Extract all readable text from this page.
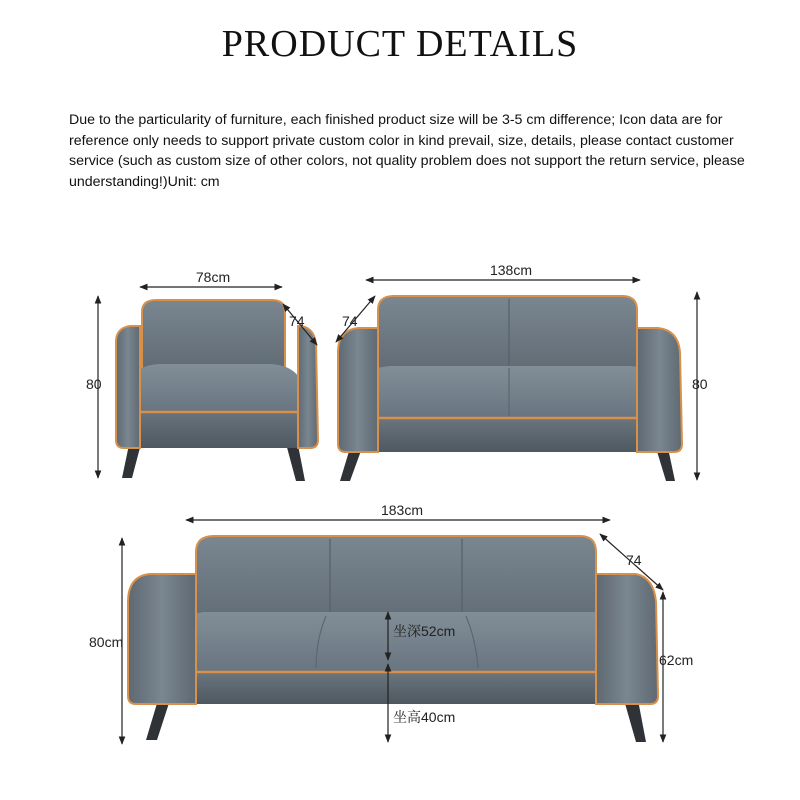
PRODUCT DETAILS
Due to the particularity of furniture, each finished product size will be 3-5 cm difference; Icon data are for reference only needs to support private custom color in kind prevail, size, details, please contact customer service (such as custom size of other colors, not quality problem does not support the return service, please understanding!)Unit: cm
78cm
74
80
138cm
74
80
183cm
74
80cm
62cm
坐深52cm
坐高40cm
